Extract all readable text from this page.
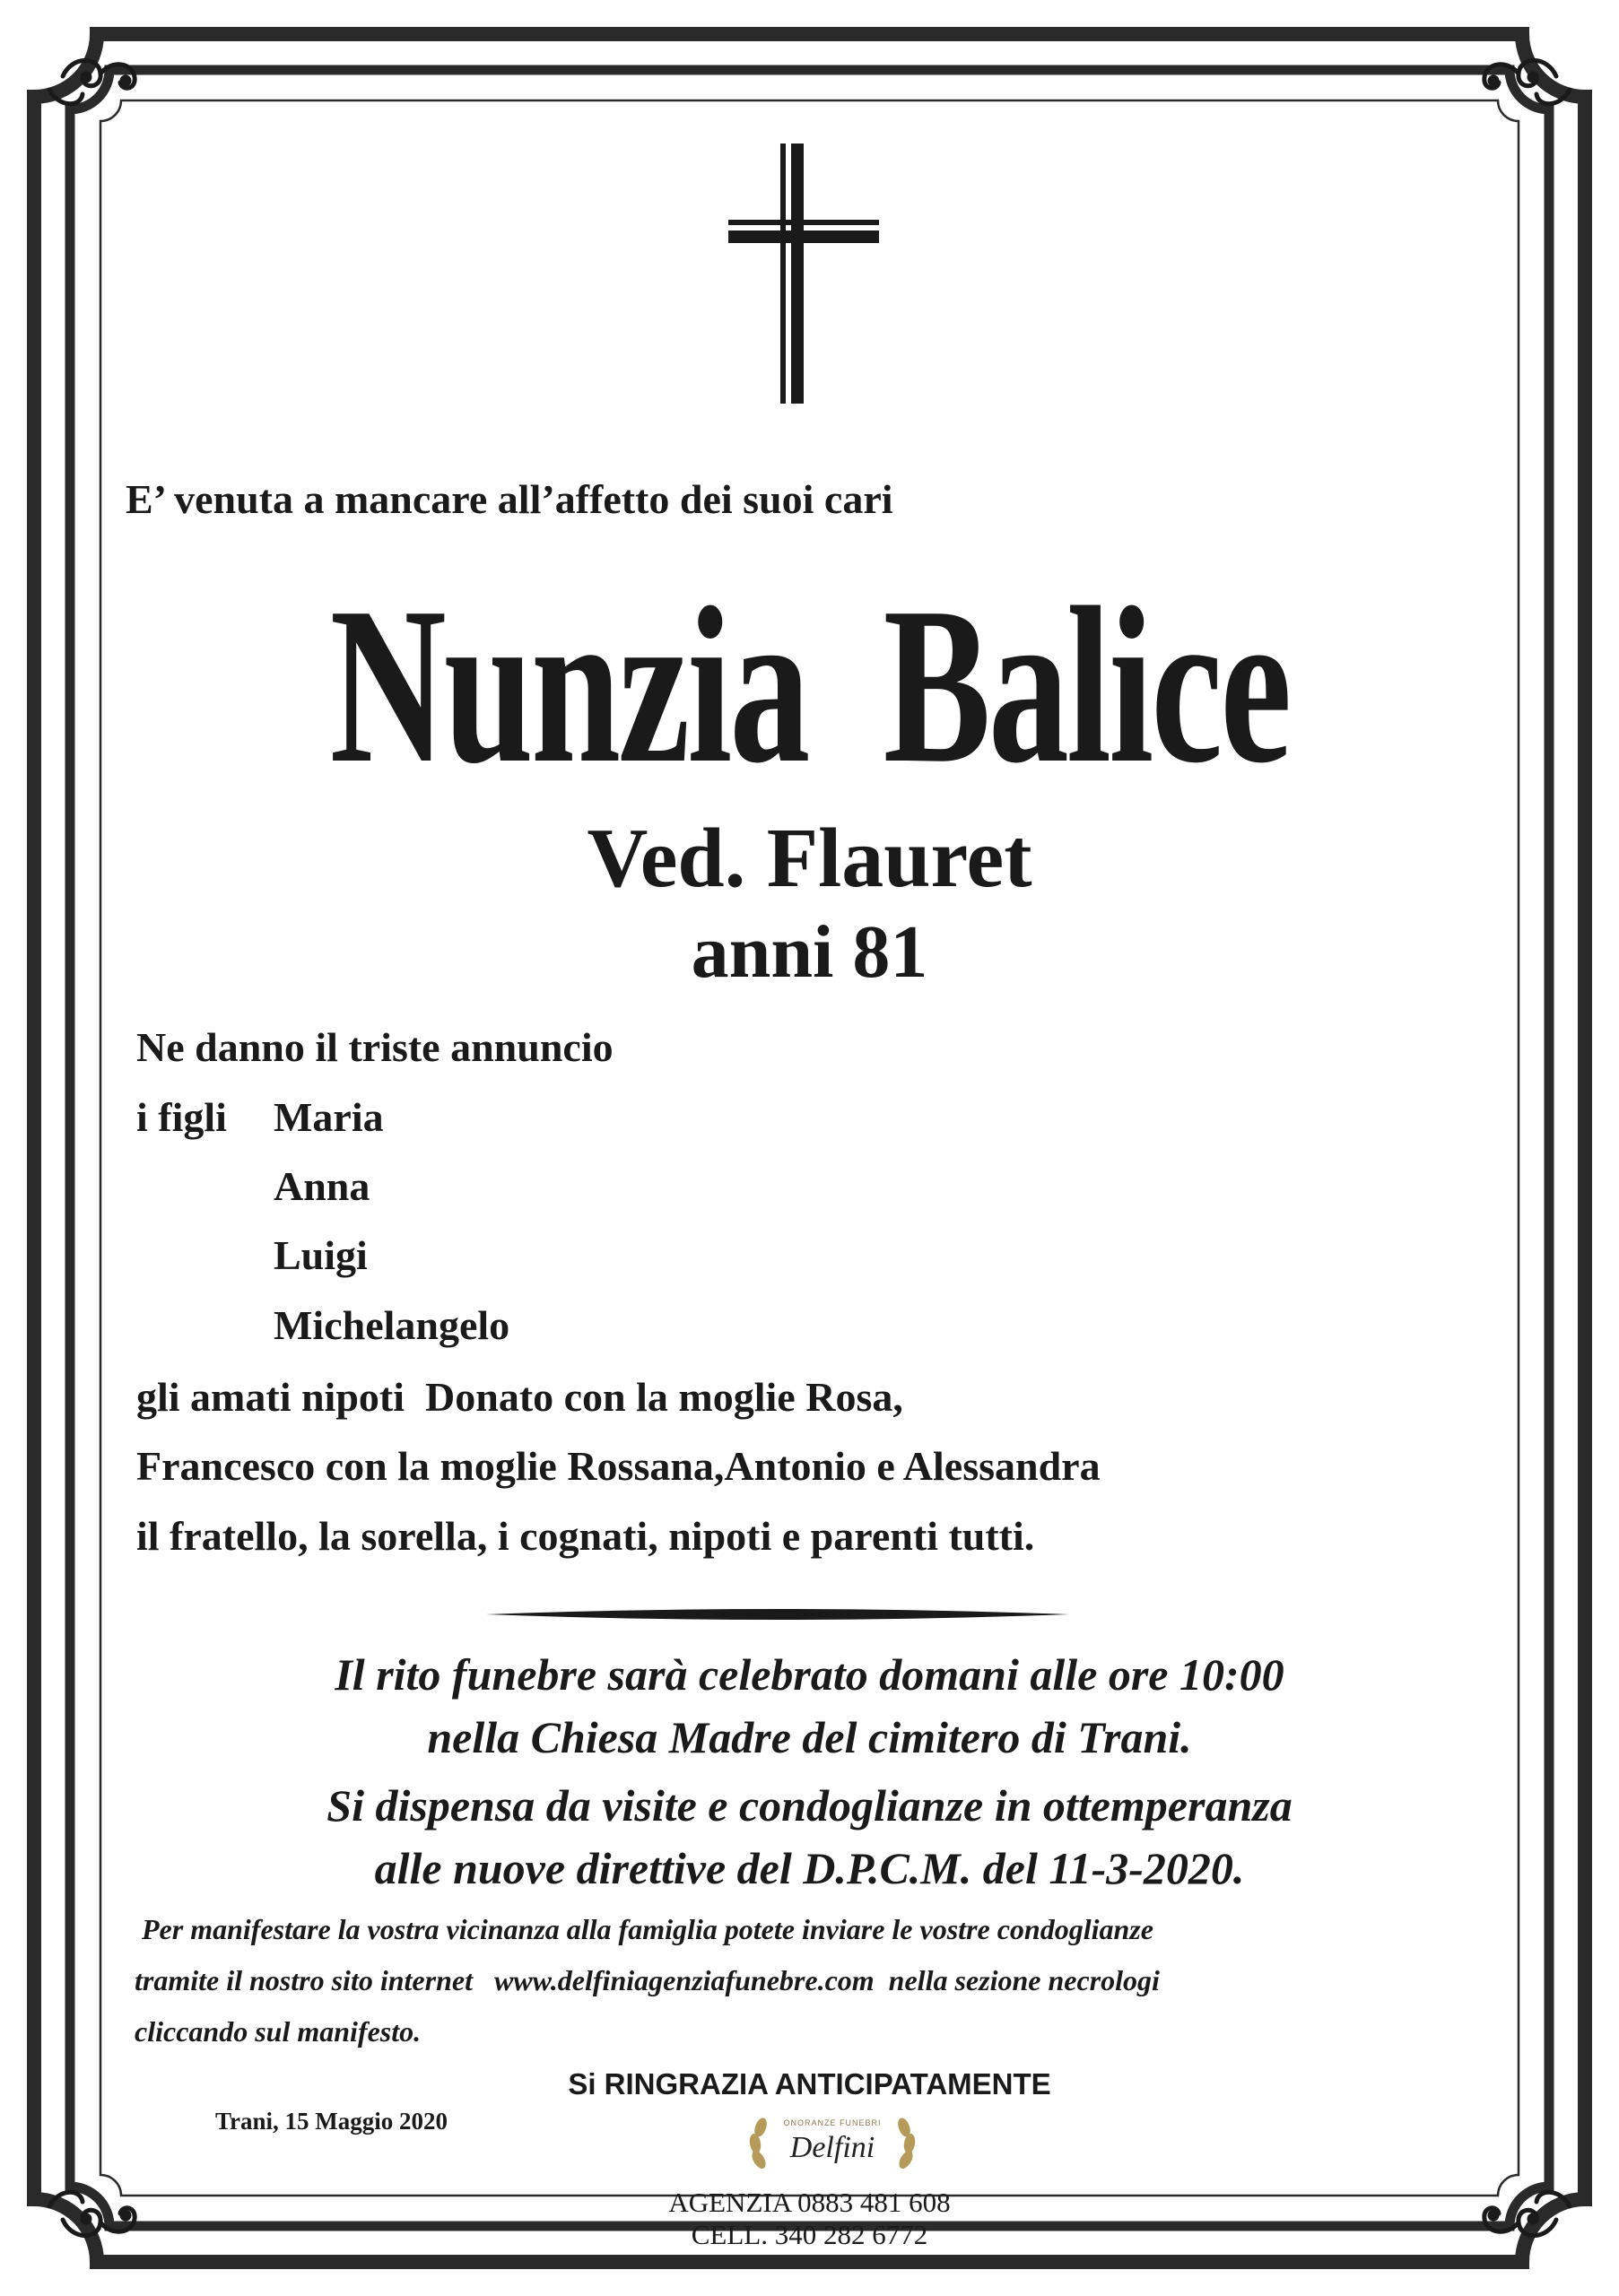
E’ venuta a mancare all’affetto dei suoi cari
Nunzia  Balice
Ved. Flauret
anni 81
Ne danno il triste annuncio
i figli Maria
Anna
Luigi
Michelangelo
gli amati nipoti  Donato con la moglie Rosa,
Francesco con la moglie Rossana,Antonio e Alessandra
il fratello, la sorella, i cognati, nipoti e parenti tutti.
Il rito funebre sarà celebrato domani alle ore 10:00
nella Chiesa Madre del cimitero di Trani.
Si dispensa da visite e condoglianze in ottemperanza
alle nuove direttive del D.P.C.M. del 11-3-2020.
Per manifestare la vostra vicinanza alla famiglia potete inviare le vostre condoglianze
tramite il nostro sito internet   www.delfiniagenziafunebre.com  nella sezione necrologi
cliccando sul manifesto.
Si RINGRAZIA ANTICIPATAMENTE
Trani, 15 Maggio 2020	ONORANZE FUNEBRI
Delfini
AGENZIA 0883 481 608
CELL. 340 282 6772
